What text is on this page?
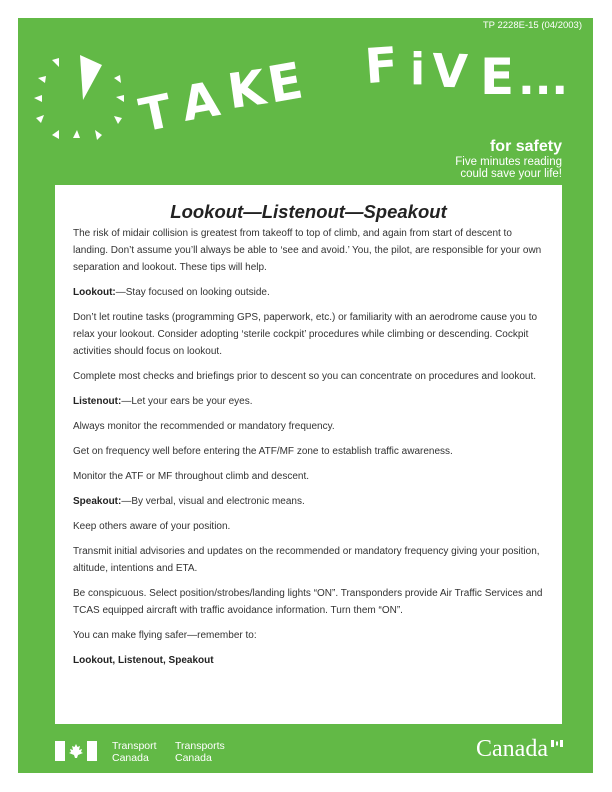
TP 2228E-15 (04/2003)
T A K
E F i V E ...
for safety
Five minutes reading
could save your life!
Lookout—Listenout—Speakout

The risk of midair collision is greatest from takeoff to top of climb, and again from start of descent to landing. Don’t assume you’ll always be able to ‘see and avoid.’ You, the pilot, are responsible for your own separation and lookout. These tips will help.

Lookout:—Stay focused on looking outside.

Don’t let routine tasks (programming GPS, paperwork, etc.) or familiarity with an aerodrome cause you to relax your lookout. Consider adopting ‘sterile cockpit’ procedures while climbing or descending. Cockpit activities should focus on lookout.

Complete most checks and briefings prior to descent so you can concentrate on procedures and lookout.

Listenout:—Let your ears be your eyes.

Always monitor the recommended or mandatory frequency.

Get on frequency well before entering the ATF/MF zone to establish traffic awareness.

Monitor the ATF or MF throughout climb and descent.

Speakout:—By verbal, visual and electronic means.

Keep others aware of your position.

Transmit initial advisories and updates on the recommended or mandatory frequency giving your position, altitude, intentions and ETA.

Be conspicuous. Select position/strobes/landing lights “ON”. Transponders provide Air Traffic Services and TCAS equipped aircraft with traffic avoidance information. Turn them “ON”.

You can make flying safer—remember to:

Lookout, Listenout, Speakout

Transport
Canada
Transports
Canada	Canada
